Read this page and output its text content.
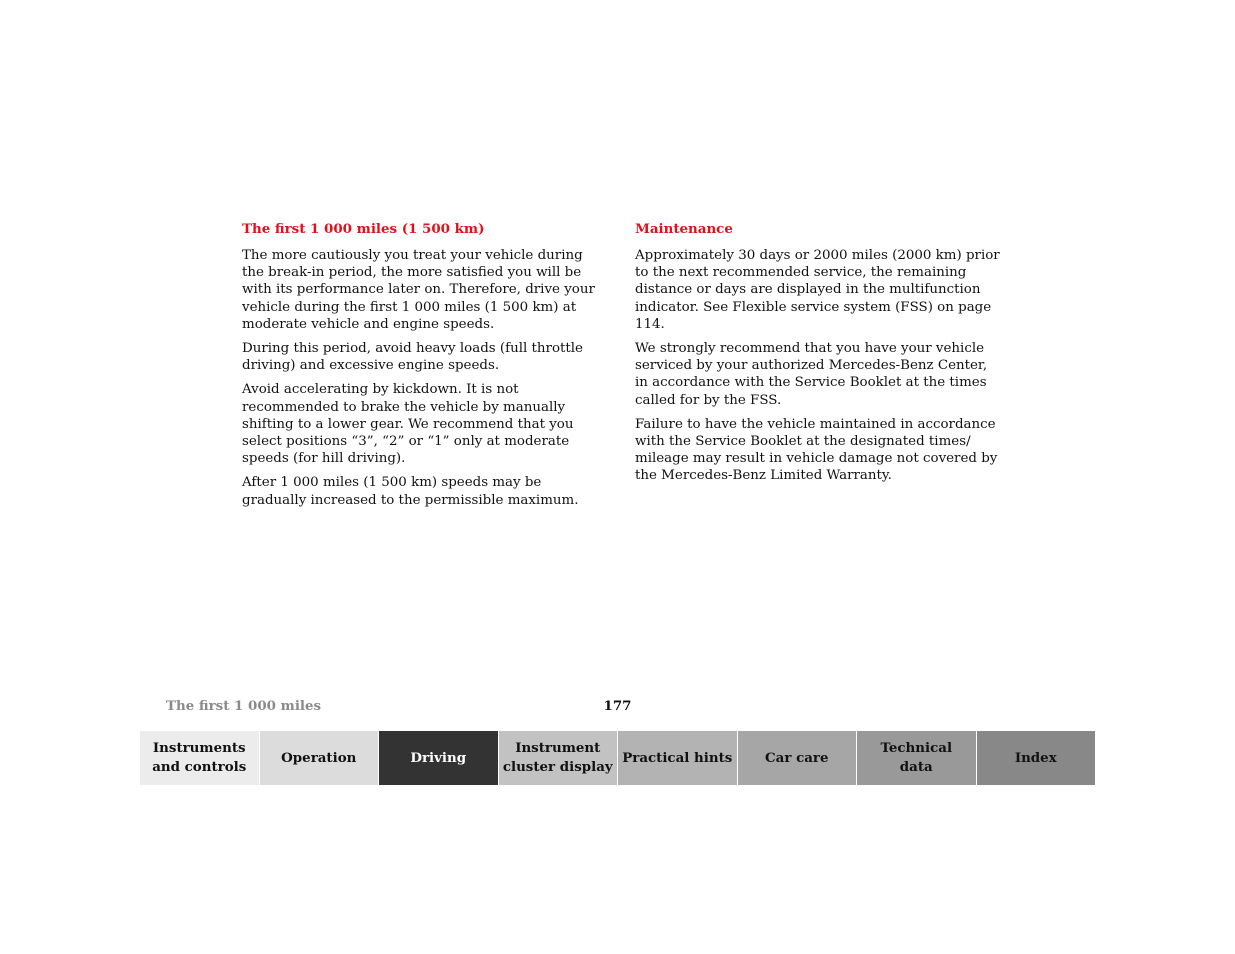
The first 1 000 miles (1 500 km)

The more cautiously you treat your vehicle during the break-in period, the more satisfied you will be with its performance later on. Therefore, drive your vehicle during the first 1 000 miles (1 500 km) at moderate vehicle and engine speeds.

During this period, avoid heavy loads (full throttle driving) and excessive engine speeds.

Avoid accelerating by kickdown. It is not recommended to brake the vehicle by manually shifting to a lower gear. We recommend that you select positions “3”, “2” or “1” only at moderate speeds (for hill driving).

After 1 000 miles (1 500 km) speeds may be gradually increased to the permissible maximum.

Maintenance

Approximately 30 days or 2000 miles (2000 km) prior to the next recommended service, the remaining distance or days are displayed in the multifunction indicator. See Flexible service system (FSS) on page 114.

We strongly recommend that you have your vehicle serviced by your authorized Mercedes-Benz Center, in accordance with the Service Booklet at the times called for by the FSS.

Failure to have the vehicle maintained in accordance with the Service Booklet at the designated times/ mileage may result in vehicle damage not covered by the Mercedes-Benz Limited Warranty.

The first 1 000 miles	177
Instruments
and controls
Operation	Driving
Instrument
cluster display
Practical hints	Car care
Technical
data
Index
